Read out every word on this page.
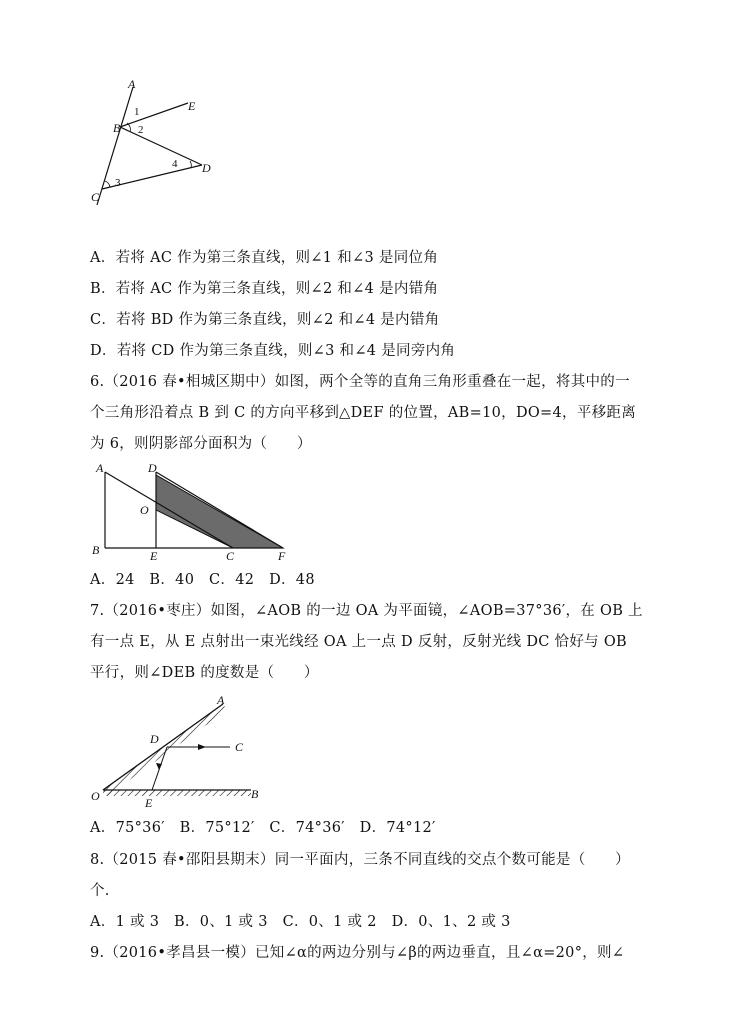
A
E
B
D
C
1
2
3
4
A．若将 AC 作为第三条直线，则∠1 和∠3 是同位角
B．若将 AC 作为第三条直线，则∠2 和∠4 是内错角
C．若将 BD 作为第三条直线，则∠2 和∠4 是内错角
D．若将 CD 作为第三条直线，则∠3 和∠4 是同旁内角
6.（2016 春•相城区期中）如图，两个全等的直角三角形重叠在一起，将其中的一
个三角形沿着点 B 到 C 的方向平移到△DEF 的位置，AB=10，DO=4，平移距离
为 6，则阴影部分面积为（　　）
A	D
O
B	E	C	F
A．24　B．40　C．42　D．48
7.（2016•枣庄）如图，∠AOB 的一边 OA 为平面镜，∠AOB=37°36′，在 OB 上
有一点 E，从 E 点射出一束光线经 OA 上一点 D 反射，反射光线 DC 恰好与 OB
平行，则∠DEB 的度数是（　　）
A
D
C
O	E
B
A．75°36′　B．75°12′　C．74°36′　D．74°12′
8.（2015 春•邵阳县期末）同一平面内，三条不同直线的交点个数可能是（　　）
个.
A．1 或 3　B．0、1 或 3　C．0、1 或 2　D．0、1、2 或 3
9.（2016•孝昌县一模）已知∠α的两边分别与∠β的两边垂直，且∠α=20°，则∠
